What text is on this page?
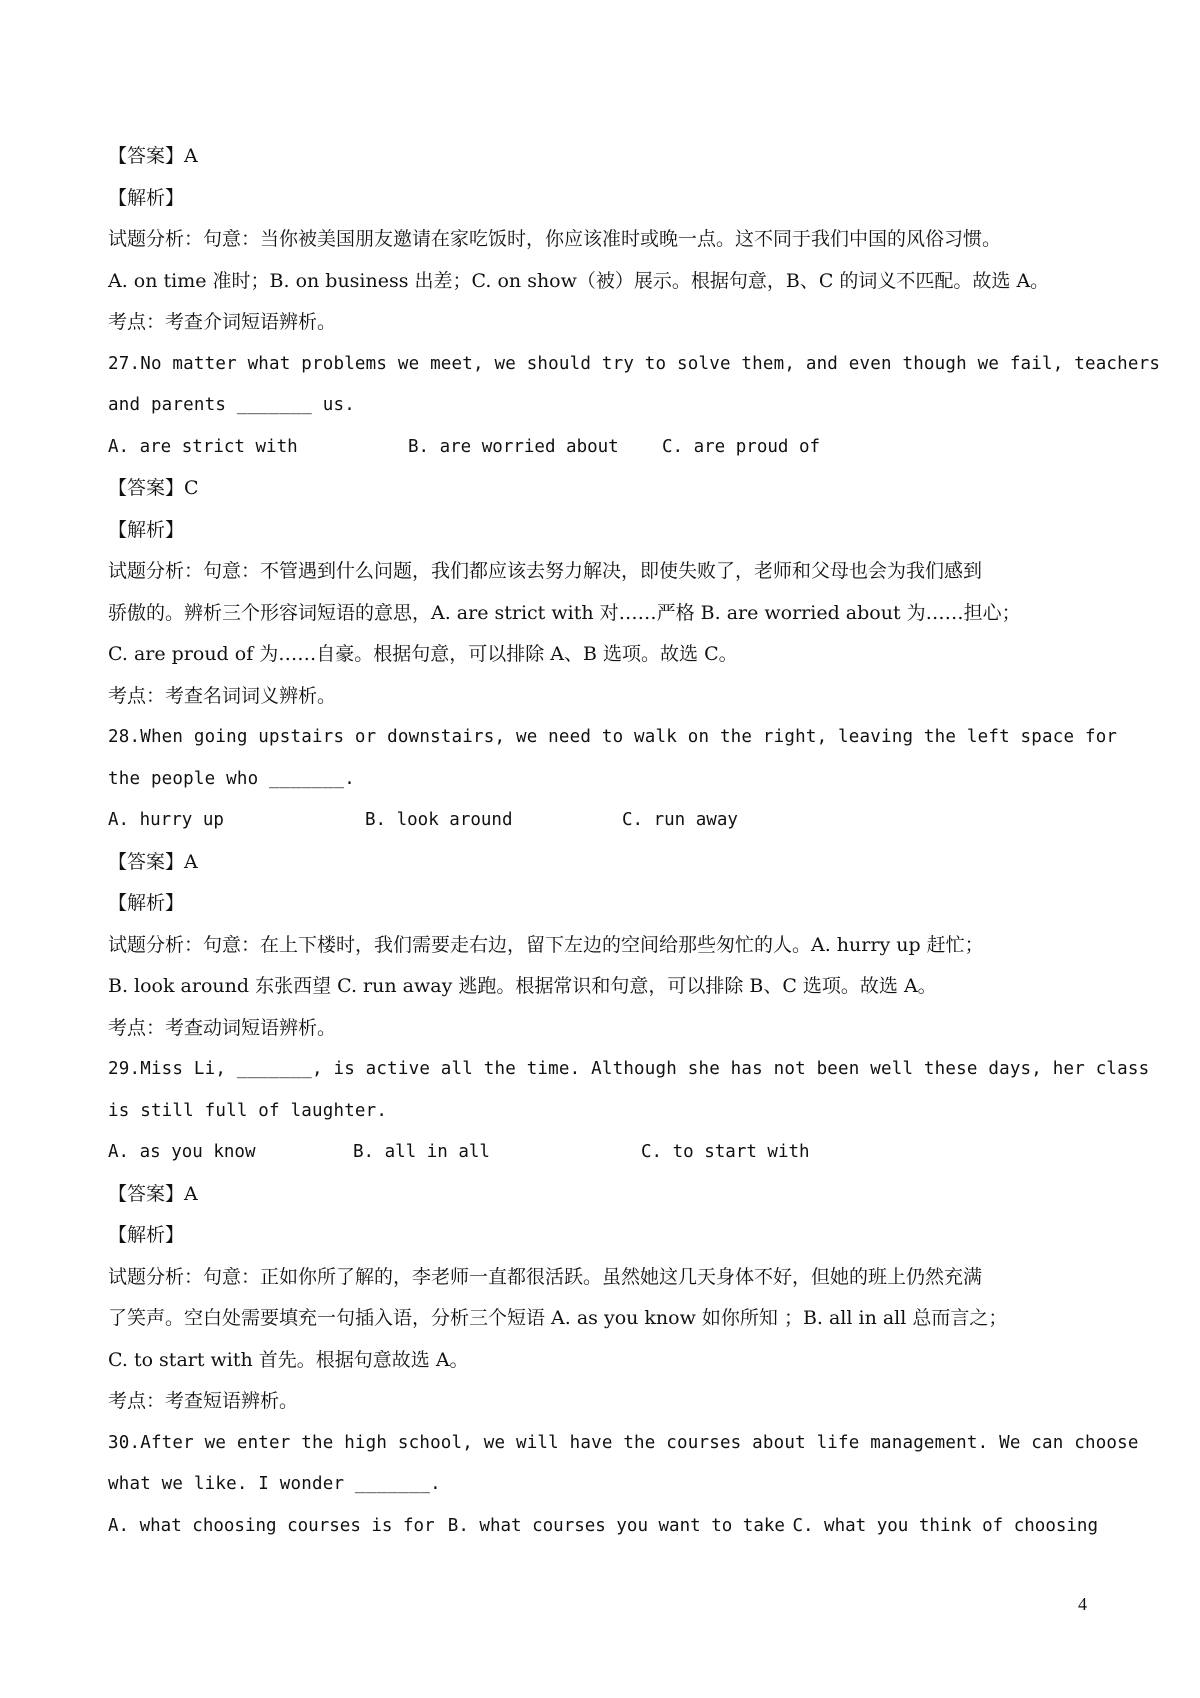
【答案】A
【解析】
试题分析：句意：当你被美国朋友邀请在家吃饭时，你应该准时或晚一点。这不同于我们中国的风俗习惯。
A. on time 准时；B. on business 出差；C. on show（被）展示。根据句意，B、C 的词义不匹配。故选 A。
考点：考查介词短语辨析。
27.No matter what problems we meet, we should try to solve them, and even though we fail, teachers
and parents _______ us.
A. are strict with	B. are worried about	C. are proud of
【答案】C
【解析】
试题分析：句意：不管遇到什么问题，我们都应该去努力解决，即使失败了，老师和父母也会为我们感到
骄傲的。辨析三个形容词短语的意思，A. are strict with 对……严格 B. are worried about 为……担心；
C. are proud of 为……自豪。根据句意，可以排除 A、B 选项。故选 C。
考点：考查名词词义辨析。
28.When going upstairs or downstairs, we need to walk on the right, leaving the left space for
the people who _______.
A. hurry up	B. look around	C. run away
【答案】A
【解析】
试题分析：句意：在上下楼时，我们需要走右边，留下左边的空间给那些匆忙的人。A. hurry up 赶忙；
B. look around 东张西望 C. run away 逃跑。根据常识和句意，可以排除 B、C 选项。故选 A。
考点：考查动词短语辨析。
29.Miss Li, _______, is active all the time. Although she has not been well these days, her class
is still full of laughter.
A. as you know	B. all in all	C. to start with
【答案】A
【解析】
试题分析：句意：正如你所了解的，李老师一直都很活跃。虽然她这几天身体不好，但她的班上仍然充满
了笑声。空白处需要填充一句插入语，分析三个短语 A. as you know 如你所知 ；B. all in all 总而言之；
C. to start with 首先。根据句意故选 A。
考点：考查短语辨析。
30.After we enter the high school, we will have the courses about life management. We can choose
what we like. I wonder _______.
A. what choosing courses is for B. what courses you want to take C. what you think of choosing
4
